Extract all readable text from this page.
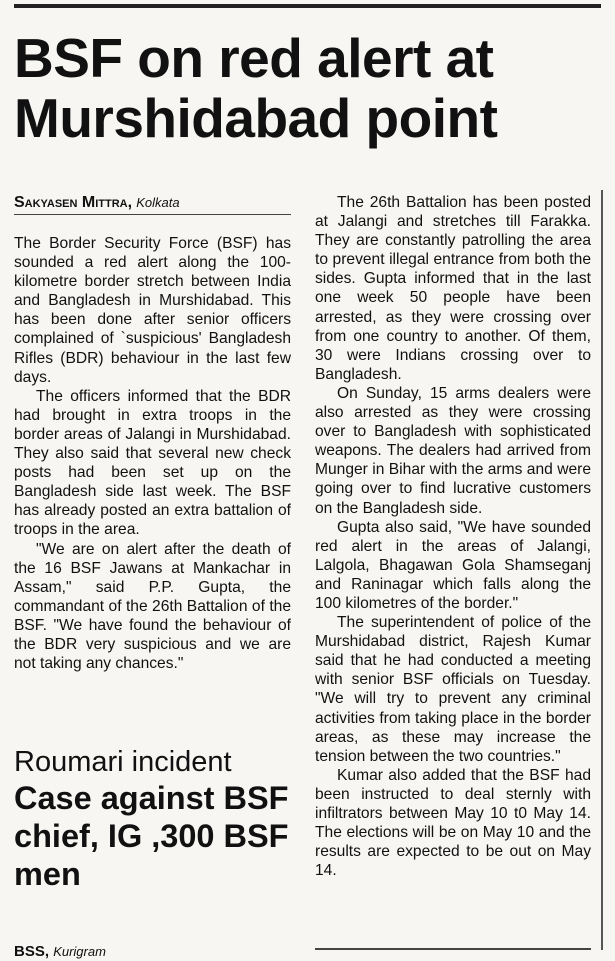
BSF on red alert at Murshidabad point
Sakyasen Mittra, Kolkata

The Border Security Force (BSF) has sounded a red alert along the 100-kilometre border stretch between India and Bangladesh in Murshidabad. This has been done after senior officers complained of `suspicious' Bangladesh Rifles (BDR) behaviour in the last few days.

The officers informed that the BDR had brought in extra troops in the border areas of Jalangi in Murshidabad. They also said that several new check posts had been set up on the Bangladesh side last week. The BSF has already posted an extra battalion of troops in the area.

"We are on alert after the death of the 16 BSF Jawans at Mankachar in Assam," said P.P. Gupta, the commandant of the 26th Battalion of the BSF. "We have found the behaviour of the BDR very suspicious and we are not taking any chances."

The 26th Battalion has been posted at Jalangi and stretches till Farakka. They are constantly patrolling the area to prevent illegal entrance from both the sides. Gupta informed that in the last one week 50 people have been arrested, as they were crossing over from one country to another. Of them, 30 were Indians crossing over to Bangladesh.

On Sunday, 15 arms dealers were also arrested as they were crossing over to Bangladesh with sophisticated weapons. The dealers had arrived from Munger in Bihar with the arms and were going over to find lucrative customers on the Bangladesh side.

Gupta also said, "We have sounded red alert in the areas of Jalangi, Lalgola, Bhagawan Gola Shamseganj and Raninagar which falls along the 100 kilometres of the border."

The superintendent of police of the Murshidabad district, Rajesh Kumar said that he had conducted a meeting with senior BSF officials on Tuesday. "We will try to prevent any criminal activities from taking place in the border areas, as these may increase the tension between the two countries."

Kumar also added that the BSF had been instructed to deal sternly with infiltrators between May 10 t0 May 14. The elections will be on May 10 and the results are expected to be out on May 14.

Roumari incident
Case against BSF chief, IG ,300 BSF men
BSS, Kurigram
